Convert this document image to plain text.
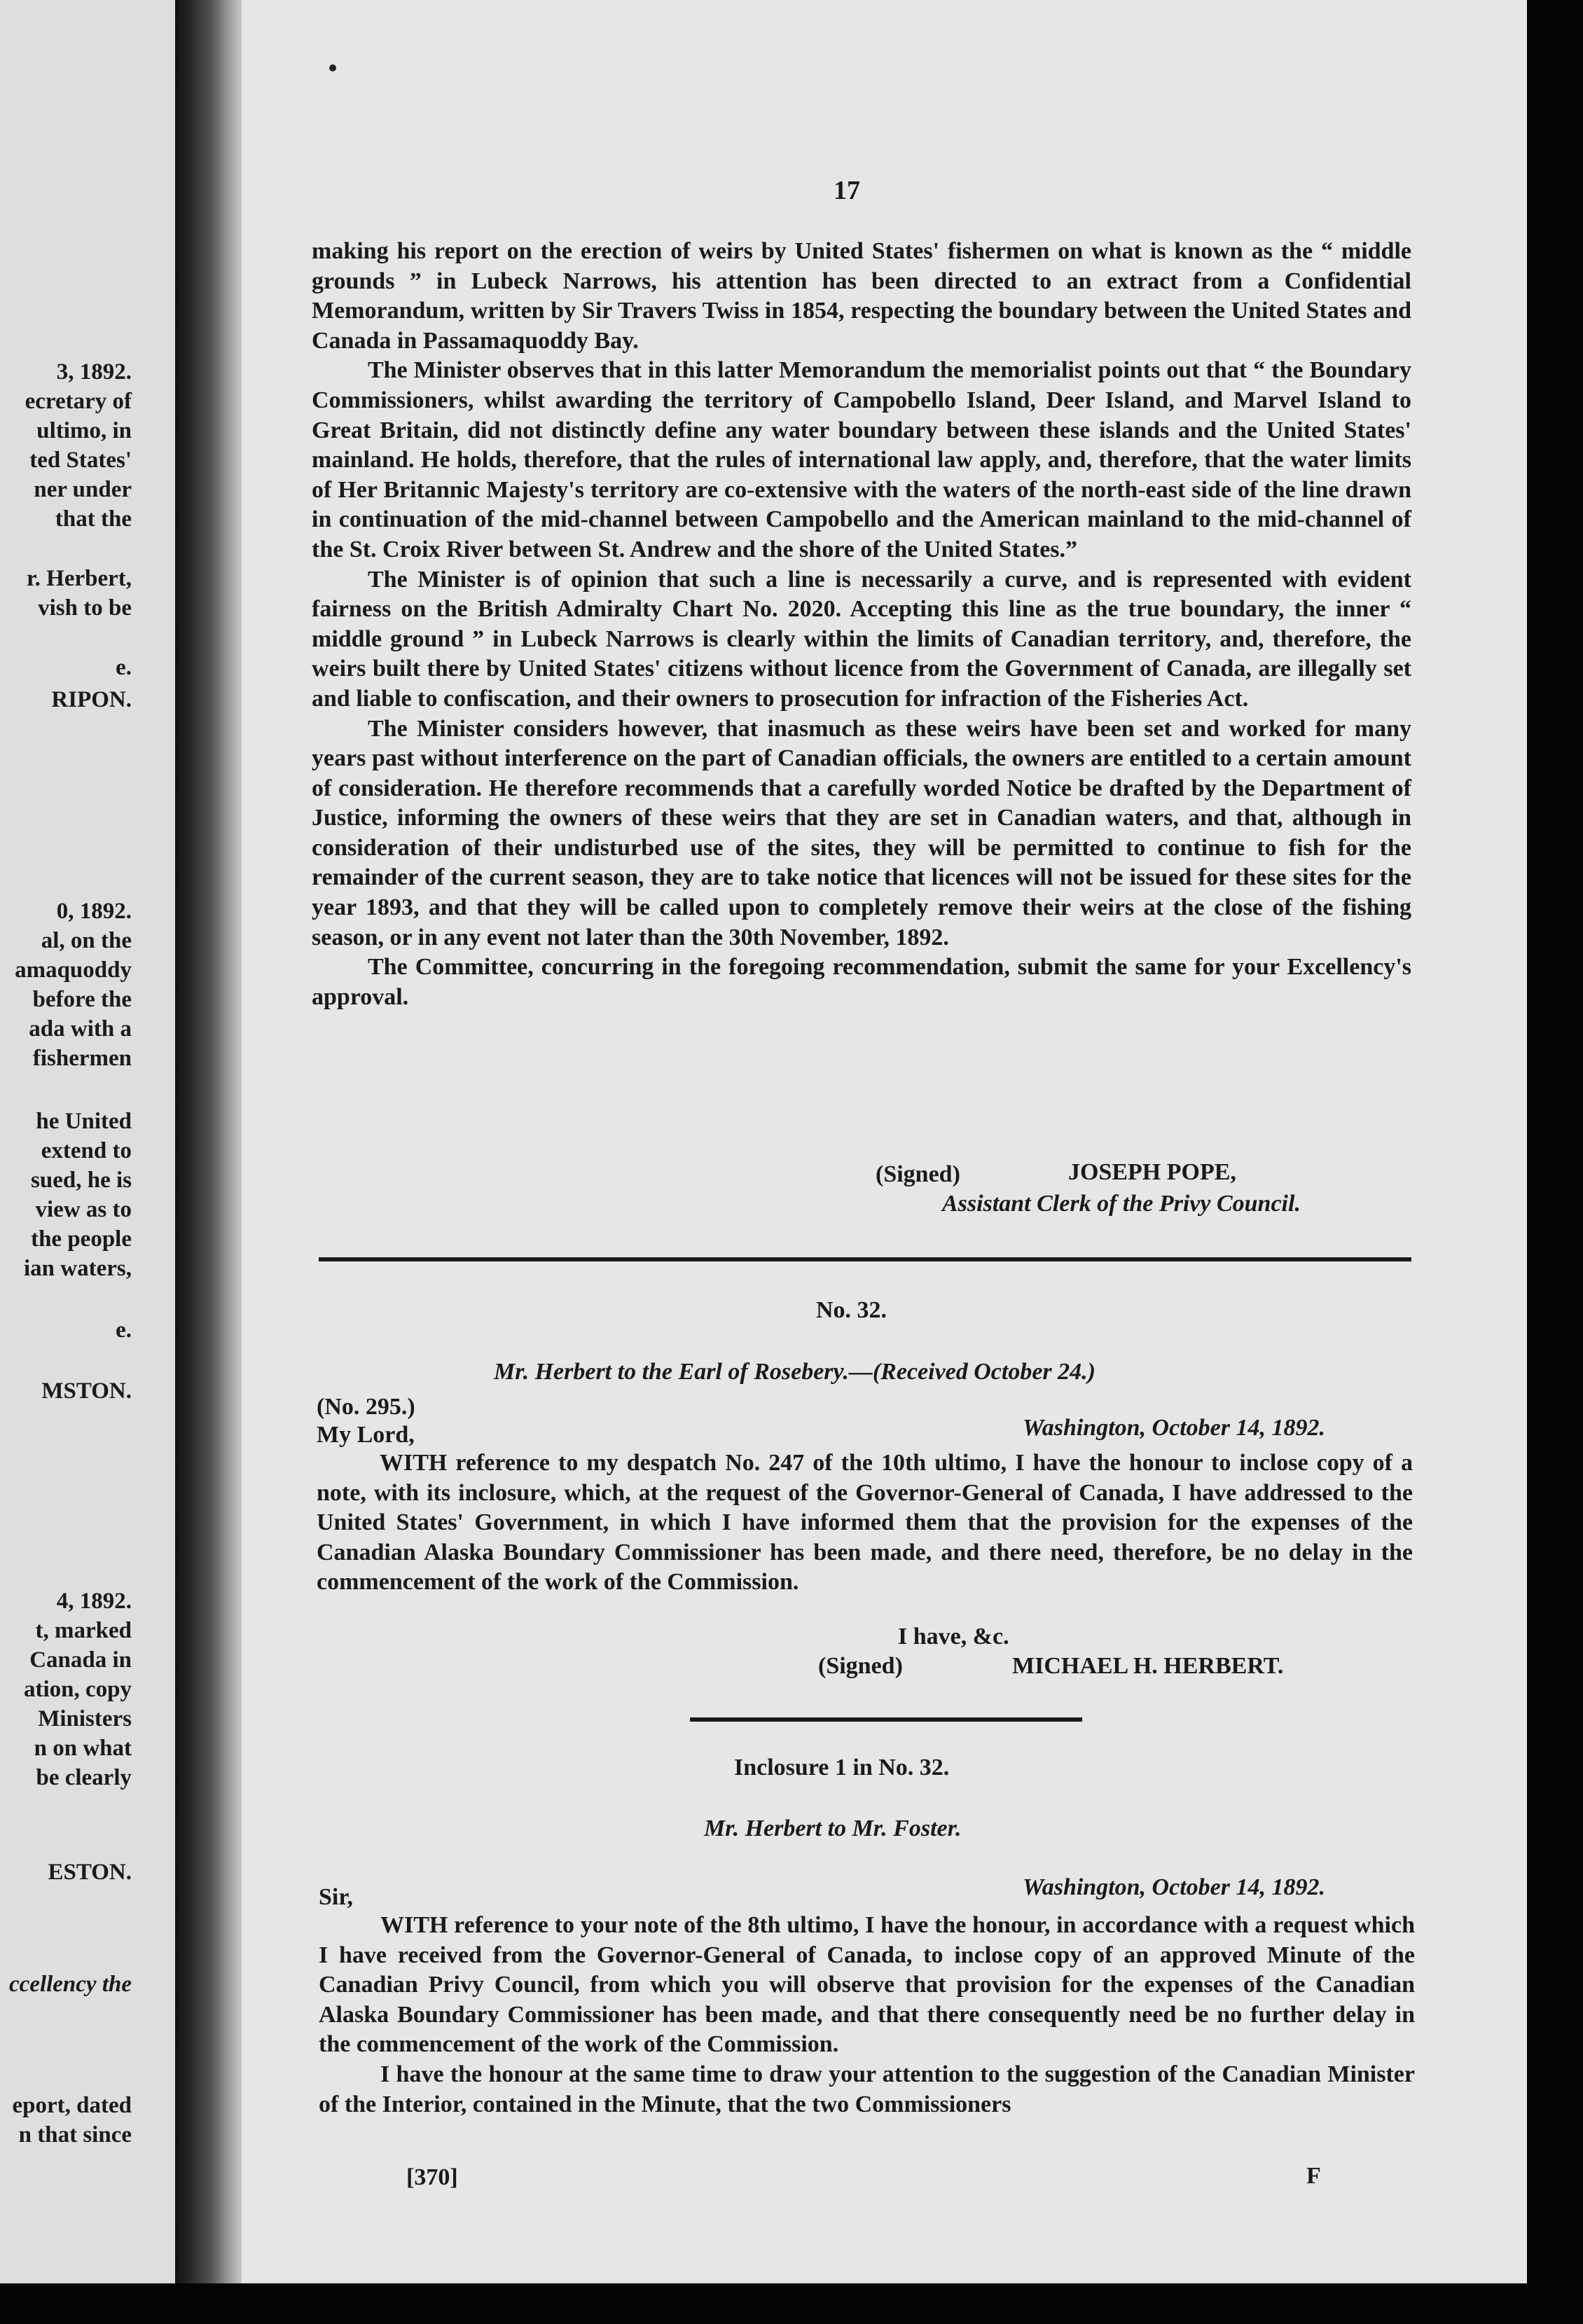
3, 1892.
ecretary of
ultimo, in
ted States'
ner under
that the
r. Herbert,
vish to be
e.
RIPON.
0, 1892.
al, on the
amaquoddy
before the
ada with a
fishermen
he United
extend to
sued, he is
view as to
the people
ian waters,
e.
MSTON.
4, 1892.
t, marked
Canada in
ation, copy
Ministers
n on what
be clearly
ESTON.
ccellency the
eport, dated
n that since
17

making his report on the erection of weirs by United States' fishermen on what is known as the “ middle grounds ” in Lubeck Narrows, his attention has been directed to an extract from a Confidential Memorandum, written by Sir Travers Twiss in 1854, respecting the boundary between the United States and Canada in Passamaquoddy Bay.

The Minister observes that in this latter Memorandum the memorialist points out that “ the Boundary Commissioners, whilst awarding the territory of Campobello Island, Deer Island, and Marvel Island to Great Britain, did not distinctly define any water boundary between these islands and the United States' mainland. He holds, therefore, that the rules of international law apply, and, therefore, that the water limits of Her Britannic Majesty's territory are co-extensive with the waters of the north-east side of the line drawn in continuation of the mid-channel between Campobello and the American mainland to the mid-channel of the St. Croix River between St. Andrew and the shore of the United States.”

The Minister is of opinion that such a line is necessarily a curve, and is represented with evident fairness on the British Admiralty Chart No. 2020. Accepting this line as the true boundary, the inner “ middle ground ” in Lubeck Narrows is clearly within the limits of Canadian territory, and, therefore, the weirs built there by United States' citizens without licence from the Government of Canada, are illegally set and liable to confiscation, and their owners to prosecution for infraction of the Fisheries Act.

The Minister considers however, that inasmuch as these weirs have been set and worked for many years past without interference on the part of Canadian officials, the owners are entitled to a certain amount of consideration. He therefore recommends that a carefully worded Notice be drafted by the Department of Justice, informing the owners of these weirs that they are set in Canadian waters, and that, although in consideration of their undisturbed use of the sites, they will be permitted to continue to fish for the remainder of the current season, they are to take notice that licences will not be issued for these sites for the year 1893, and that they will be called upon to completely remove their weirs at the close of the fishing season, or in any event not later than the 30th November, 1892.

The Committee, concurring in the foregoing recommendation, submit the same for your Excellency's approval.

(Signed)	JOSEPH POPE,
Assistant Clerk of the Privy Council.
No. 32.
Mr. Herbert to the Earl of Rosebery.—(Received October 24.)
(No. 295.)
My Lord,	Washington, October 14, 1892.

WITH reference to my despatch No. 247 of the 10th ultimo, I have the honour to inclose copy of a note, with its inclosure, which, at the request of the Governor-General of Canada, I have addressed to the United States' Government, in which I have informed them that the provision for the expenses of the Canadian Alaska Boundary Commissioner has been made, and there need, therefore, be no delay in the commencement of the work of the Commission.

I have, &c.
(Signed)	MICHAEL H. HERBERT.
Inclosure 1 in No. 32.
Mr. Herbert to Mr. Foster.
Washington, October 14, 1892.
Sir,

WITH reference to your note of the 8th ultimo, I have the honour, in accordance with a request which I have received from the Governor-General of Canada, to inclose copy of an approved Minute of the Canadian Privy Council, from which you will observe that provision for the expenses of the Canadian Alaska Boundary Commissioner has been made, and that there consequently need be no further delay in the commencement of the work of the Commission.

I have the honour at the same time to draw your attention to the suggestion of the Canadian Minister of the Interior, contained in the Minute, that the two Commissioners

[370]	F
